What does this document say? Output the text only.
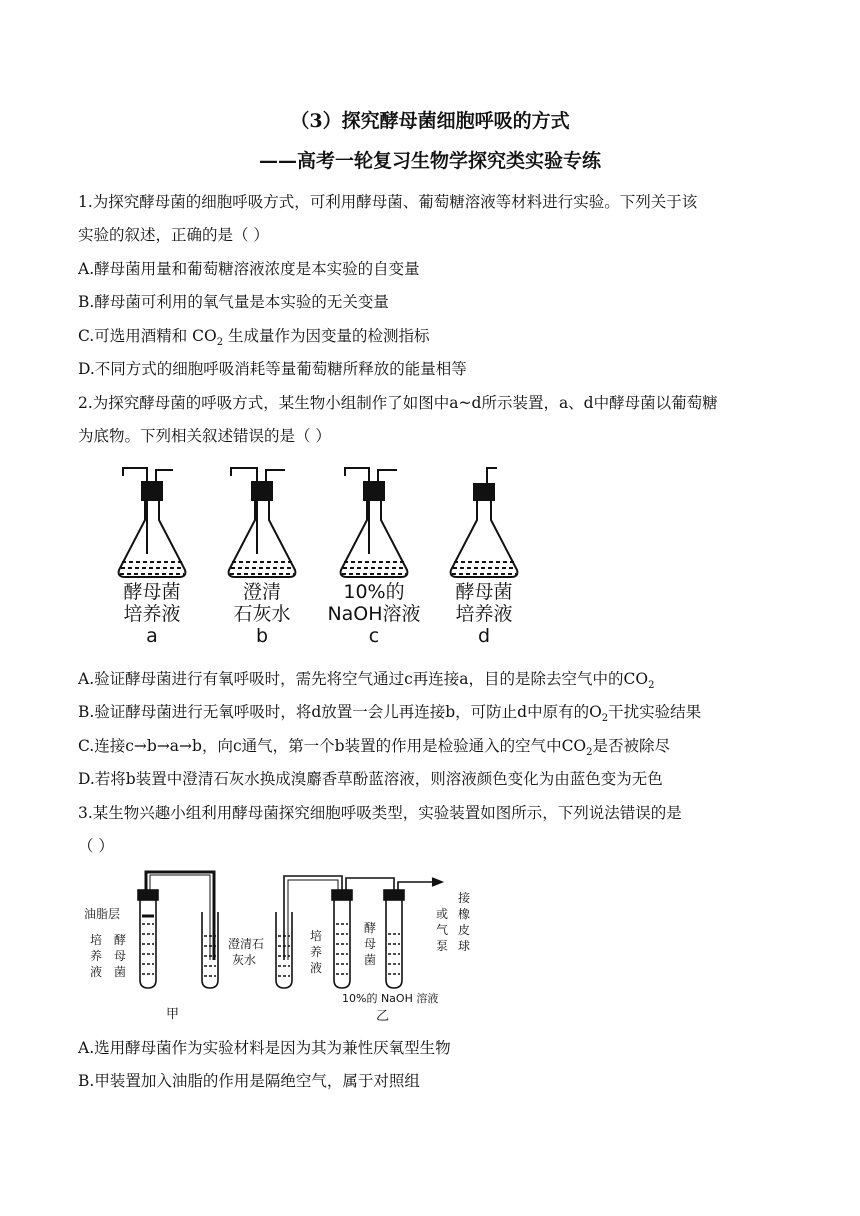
（3）探究酵母菌细胞呼吸的方式
——高考一轮复习生物学探究类实验专练
1.为探究酵母菌的细胞呼吸方式，可利用酵母菌、葡萄糖溶液等材料进行实验。下列关于该
实验的叙述，正确的是（ ）
A.酵母菌用量和葡萄糖溶液浓度是本实验的自变量
B.酵母菌可利用的氧气量是本实验的无关变量
C.可选用酒精和 $CO_2$ 生成量作为因变量的检测指标
D.不同方式的细胞呼吸消耗等量葡萄糖所释放的能量相等
2.为探究酵母菌的呼吸方式，某生物小组制作了如图中a~d所示装置，a、d中酵母菌以葡萄糖
为底物。下列相关叙述错误的是（ ）
酵母菌
培养液
a
澄清
石灰水
b
10%的
NaOH溶液
c
酵母菌
培养液
d
A.验证酵母菌进行有氧呼吸时，需先将空气通过c再连接a，目的是除去空气中的$CO_2$
B.验证酵母菌进行无氧呼吸时，将d放置一会儿再连接b，可防止d中原有的$O_2$干扰实验结果
C.连接c→b→a→b，向c通气，第一个b装置的作用是检验通入的空气中$CO_2$是否被除尽
D.若将b装置中澄清石灰水换成溴麝香草酚蓝溶液，则溶液颜色变化为由蓝色变为无色
3.某生物兴趣小组利用酵母菌探究细胞呼吸类型，实验装置如图所示，下列说法错误的是
（ ）
油脂层
培
养
液
酵
母
菌
澄清石
灰水
培
养
液
酵
母
菌
10%的 NaOH 溶液
接
橡
皮
球
或
气
泵
甲	乙
A.选用酵母菌作为实验材料是因为其为兼性厌氧型生物
B.甲装置加入油脂的作用是隔绝空气，属于对照组
